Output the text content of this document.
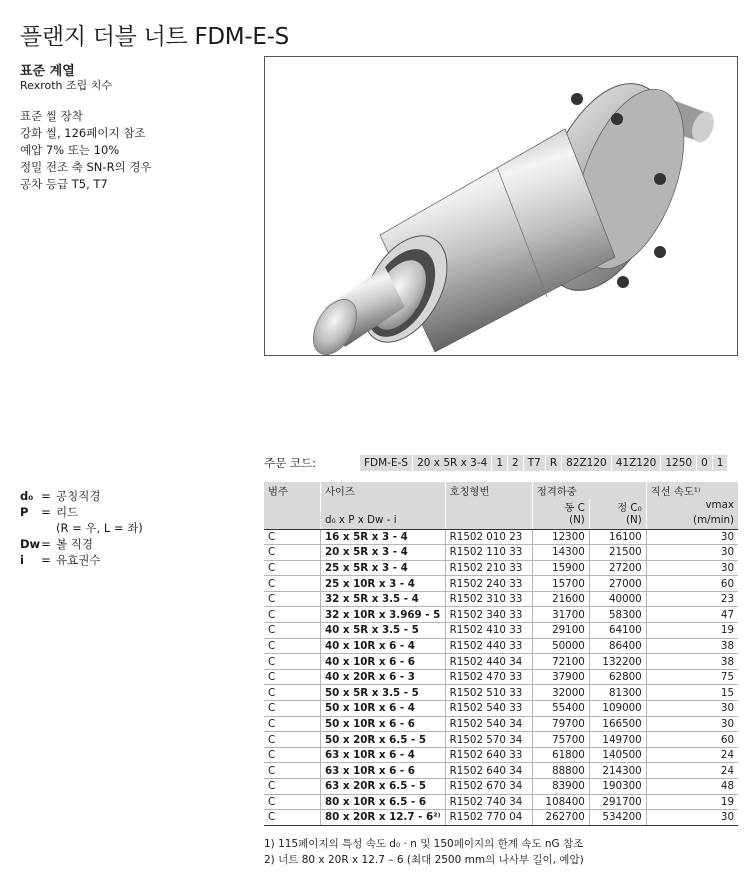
플랜지 더블 너트 FDM-E-S
표준 계열
Rexroth 조립 치수
표준 씰 장착
강화 씰, 126페이지 참조
예압 7% 또는 10%
정밀 전조 축 SN-R의 경우
공차 등급 T5, T7
d₀ = 공칭직경
P	= 리드
(R = 우, L = 좌)
Dw = 볼 직경
i	= 유효권수
주문 코드:	FDM-E-S 20 x 5R x 3-4 1 2 T7 R 82Z120 41Z120 1250 0 1
범주	사이즈	호칭형번	정격하중		직선 속도¹⁾
			동 C	정 C₀	vmax
	d₀ x P x Dw - i		(N)	(N)	(m/min)
C	16 x 5R x 3 - 4	R1502 010 23	12300	16100	30
C	20 x 5R x 3 - 4	R1502 110 33	14300	21500	30
C	25 x 5R x 3 - 4	R1502 210 33	15900	27200	30
C	25 x 10R x 3 - 4	R1502 240 33	15700	27000	60
C	32 x 5R x 3.5 - 4	R1502 310 33	21600	40000	23
C	32 x 10R x 3.969 - 5	R1502 340 33	31700	58300	47
C	40 x 5R x 3.5 - 5	R1502 410 33	29100	64100	19
C	40 x 10R x 6 - 4	R1502 440 33	50000	86400	38
C	40 x 10R x 6 - 6	R1502 440 34	72100	132200	38
C	40 x 20R x 6 - 3	R1502 470 33	37900	62800	75
C	50 x 5R x 3.5 - 5	R1502 510 33	32000	81300	15
C	50 x 10R x 6 - 4	R1502 540 33	55400	109000	30
C	50 x 10R x 6 - 6	R1502 540 34	79700	166500	30
C	50 x 20R x 6.5 - 5	R1502 570 34	75700	149700	60
C	63 x 10R x 6 - 4	R1502 640 33	61800	140500	24
C	63 x 10R x 6 - 6	R1502 640 34	88800	214300	24
C	63 x 20R x 6.5 - 5	R1502 670 34	83900	190300	48
C	80 x 10R x 6.5 - 6	R1502 740 34	108400	291700	19
C	80 x 20R x 12.7 - 6²⁾	R1502 770 04	262700	534200	30
1) 115페이지의 특성 속도 d₀ · n 및 150페이지의 한계 속도 nG 참조
2) 너트 80 x 20R x 12.7 – 6 (최대 2500 mm의 나사부 길이, 예압)
